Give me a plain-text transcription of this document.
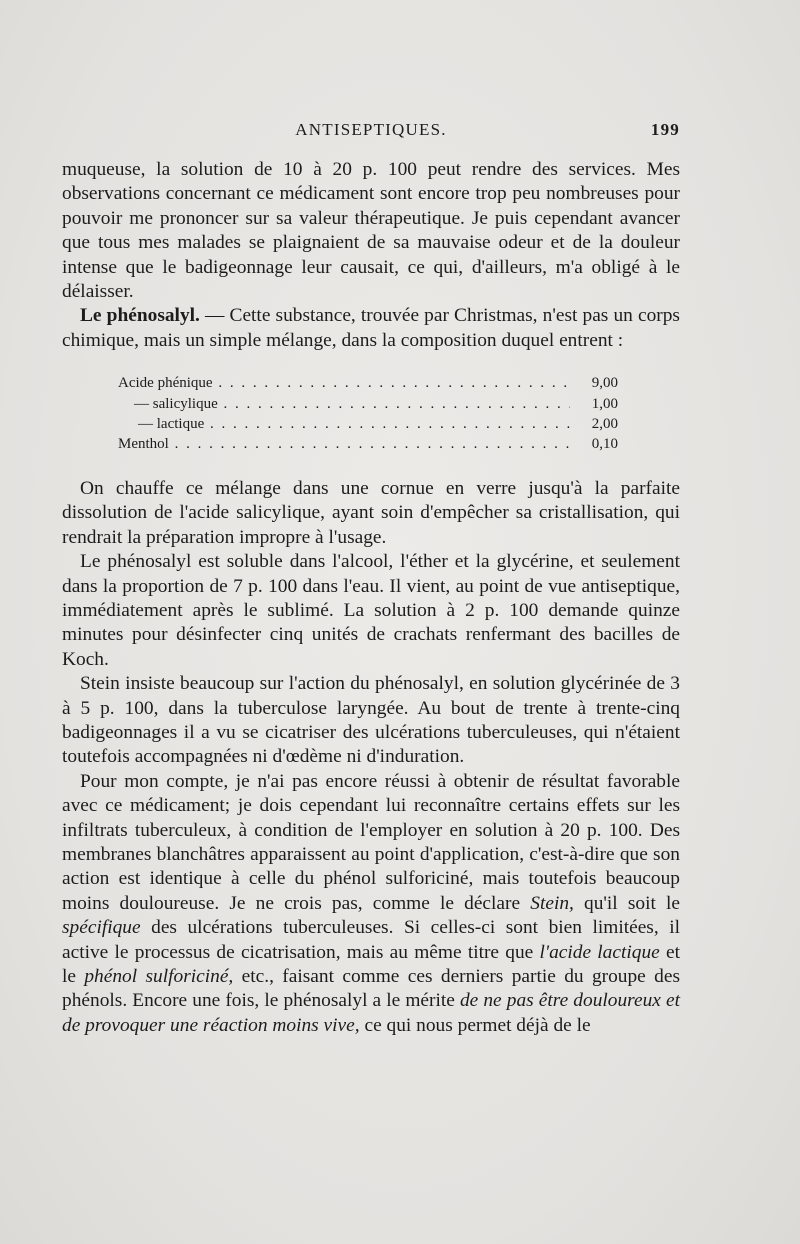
ANTISEPTIQUES.	199

muqueuse, la solution de 10 à 20 p. 100 peut rendre des services. Mes observations concernant ce médicament sont encore trop peu nombreuses pour pouvoir me prononcer sur sa valeur thérapeutique. Je puis cependant avancer que tous mes malades se plaignaient de sa mauvaise odeur et de la douleur intense que le badigeonnage leur causait, ce qui, d'ailleurs, m'a obligé à le délaisser.

Le phénosalyl. — Cette substance, trouvée par Christmas, n'est pas un corps chimique, mais un simple mélange, dans la composition duquel entrent :

Acide phénique . . .	9,00
— salicylique . . .	1,00
— lactique . . .	2,00
Menthol . . .	0,10

On chauffe ce mélange dans une cornue en verre jusqu'à la parfaite dissolution de l'acide salicylique, ayant soin d'empêcher sa cristallisation, qui rendrait la préparation impropre à l'usage.

Le phénosalyl est soluble dans l'alcool, l'éther et la glycérine, et seulement dans la proportion de 7 p. 100 dans l'eau. Il vient, au point de vue antiseptique, immédiatement après le sublimé. La solution à 2 p. 100 demande quinze minutes pour désinfecter cinq unités de crachats renfermant des bacilles de Koch.

Stein insiste beaucoup sur l'action du phénosalyl, en solution glycérinée de 3 à 5 p. 100, dans la tuberculose laryngée. Au bout de trente à trente-cinq badigeonnages il a vu se cicatriser des ulcérations tuberculeuses, qui n'étaient toutefois accompagnées ni d'œdème ni d'induration.

Pour mon compte, je n'ai pas encore réussi à obtenir de résultat favorable avec ce médicament; je dois cependant lui reconnaître certains effets sur les infiltrats tuberculeux, à condition de l'employer en solution à 20 p. 100. Des membranes blanchâtres apparaissent au point d'application, c'est-à-dire que son action est identique à celle du phénol sulforiciné, mais toutefois beaucoup moins douloureuse. Je ne crois pas, comme le déclare Stein, qu'il soit le spécifique des ulcérations tuberculeuses. Si celles-ci sont bien limitées, il active le processus de cicatrisation, mais au même titre que l'acide lactique et le phénol sulforiciné, etc., faisant comme ces derniers partie du groupe des phénols. Encore une fois, le phénosalyl a le mérite de ne pas être douloureux et de provoquer une réaction moins vive, ce qui nous permet déjà de le
